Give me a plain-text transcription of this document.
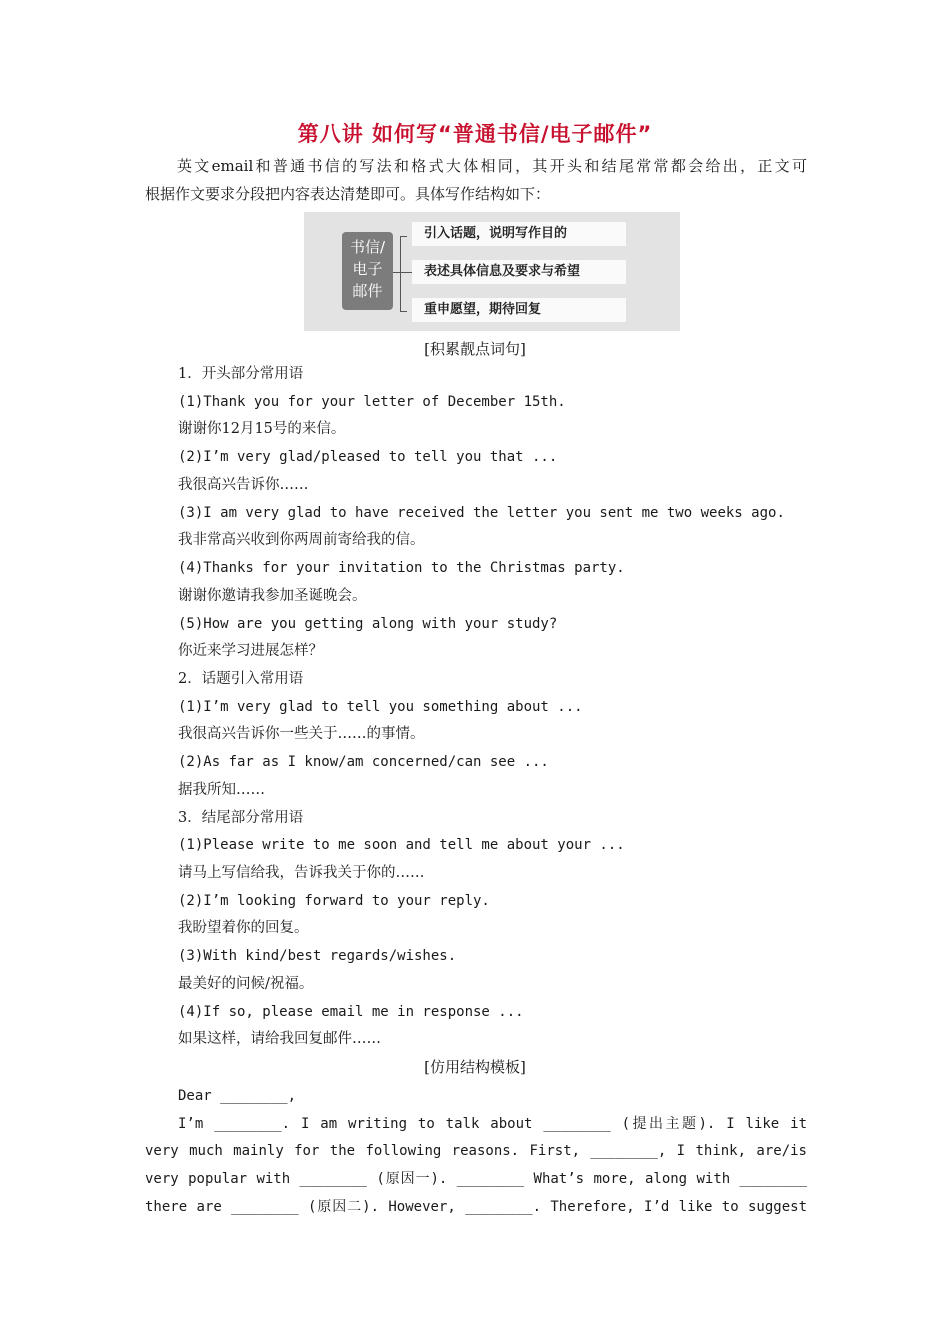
第八讲 如何写“普通书信/电子邮件”

英文email和普通书信的写法和格式大体相同，其开头和结尾常常都会给出，正文可

根据作文要求分段把内容表达清楚即可。具体写作结构如下：

书信/
电子
邮件
引入话题，说明写作目的
表述具体信息及要求与希望
重申愿望，期待回复
[积累靓点词句]
1．开头部分常用语
(1)Thank you for your letter of December 15th.
谢谢你12月15号的来信。
(2)I’m very glad/pleased to tell you that ...
我很高兴告诉你……
(3)I am very glad to have received the letter you sent me two weeks ago.
我非常高兴收到你两周前寄给我的信。
(4)Thanks for your invitation to the Christmas party.
谢谢你邀请我参加圣诞晚会。
(5)How are you getting along with your study?
你近来学习进展怎样？
2．话题引入常用语
(1)I’m very glad to tell you something about ...
我很高兴告诉你一些关于……的事情。
(2)As far as I know/am concerned/can see ...
据我所知……
3．结尾部分常用语
(1)Please write to me soon and tell me about your ...
请马上写信给我，告诉我关于你的……
(2)I’m looking forward to your reply.
我盼望着你的回复。
(3)With kind/best regards/wishes.
最美好的问候/祝福。
(4)If so, please email me in response ...
如果这样，请给我回复邮件……
[仿用结构模板]

Dear ________,

I’m ________. I am writing to talk about ________ (提出主题). I like it

very much mainly for the following reasons. First, ________, I think, are/is

very popular with ________ (原因一). ________ What’s more, along with ________

there are ________ (原因二). However, ________. Therefore, I’d like to suggest
